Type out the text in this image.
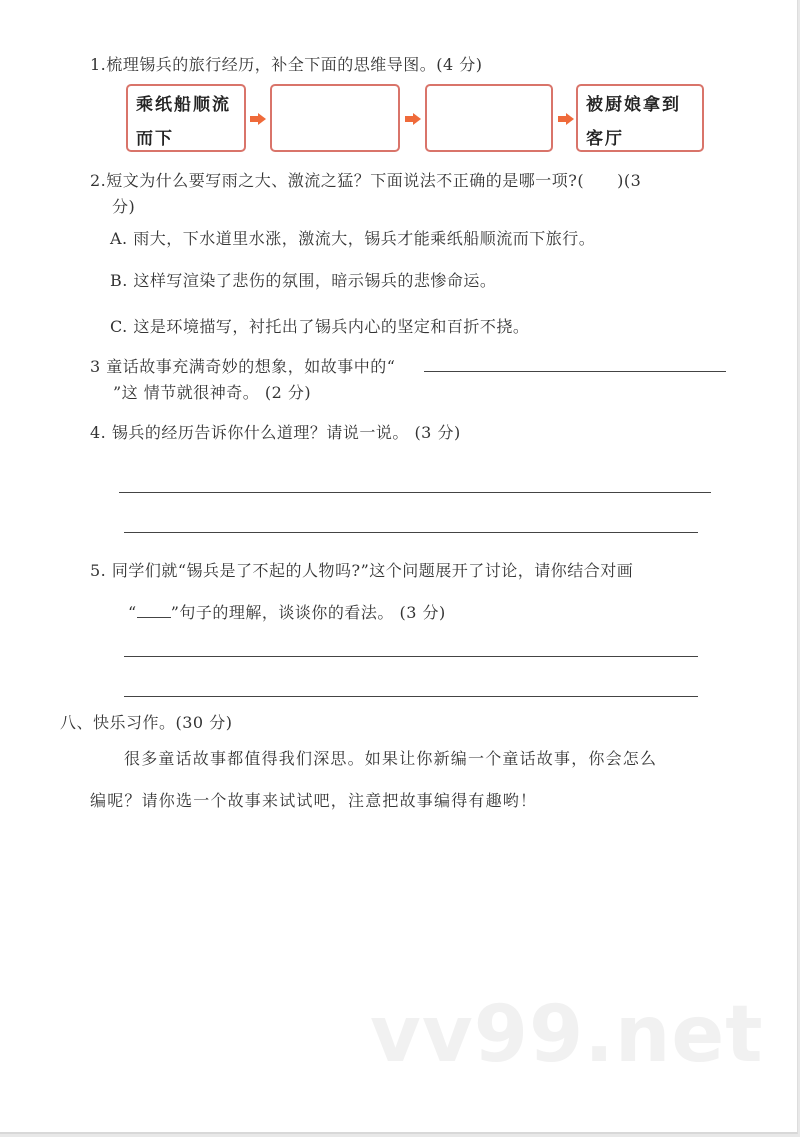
1.梳理锡兵的旅行经历，补全下面的思维导图。(4 分)
乘纸船顺流
而下
被厨娘拿到
客厅
2.短文为什么要写雨之大、激流之猛？下面说法不正确的是哪一项?(　　)(3
分)
A. 雨大，下水道里水涨，激流大，锡兵才能乘纸船顺流而下旅行。
B. 这样写渲染了悲伤的氛围，暗示锡兵的悲惨命运。
C. 这是环境描写，衬托出了锡兵内心的坚定和百折不挠。
3 童话故事充满奇妙的想象，如故事中的“
”这 情节就很神奇。 (2 分)
4. 锡兵的经历告诉你什么道理？请说一说。 (3 分)
5. 同学们就“锡兵是了不起的人物吗?”这个问题展开了讨论，请你结合对画
“ ”句子的理解，谈谈你的看法。 (3 分)
八、快乐习作。(30 分)
很多童话故事都值得我们深思。如果让你新编一个童话故事，你会怎么
编呢？请你选一个故事来试试吧，注意把故事编得有趣哟！
vv99.net
